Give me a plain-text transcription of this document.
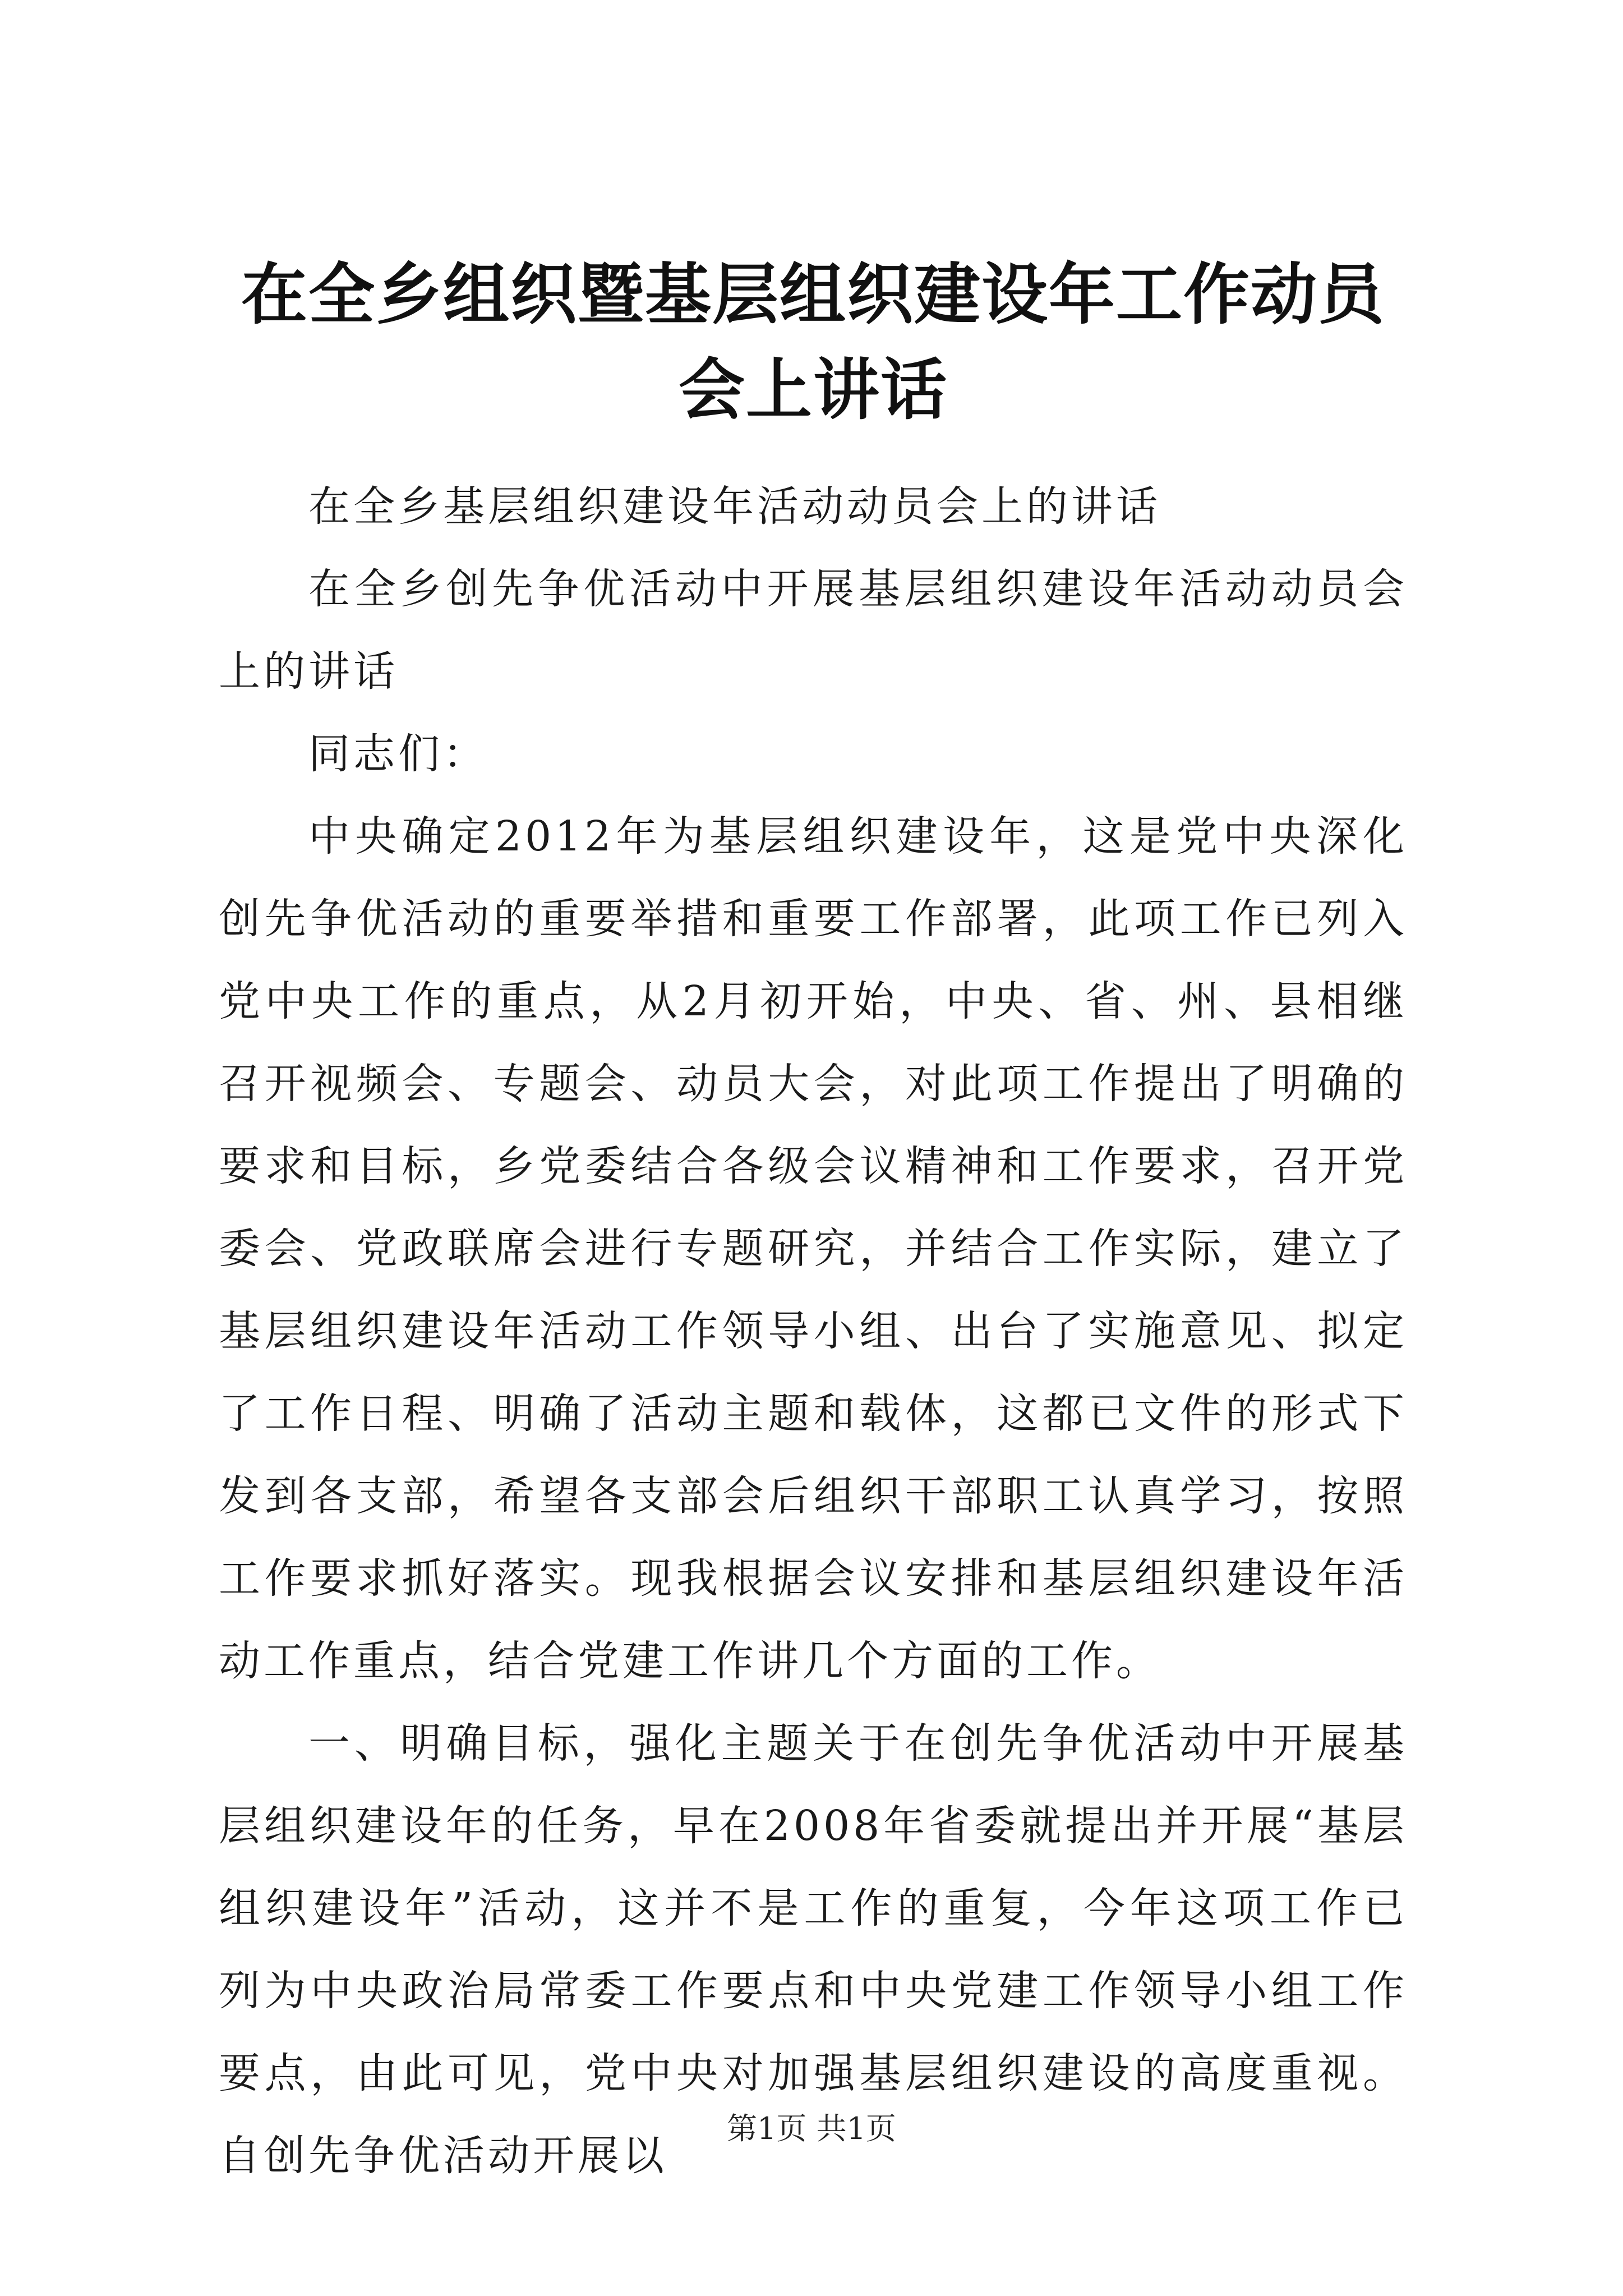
在全乡组织暨基层组织建设年工作动员会上讲话

在全乡基层组织建设年活动动员会上的讲话

在全乡创先争优活动中开展基层组织建设年活动动员会上的讲话

同志们：

中央确定2012年为基层组织建设年，这是党中央深化创先争优活动的重要举措和重要工作部署，此项工作已列入党中央工作的重点，从2月初开始，中央、省、州、县相继召开视频会、专题会、动员大会，对此项工作提出了明确的要求和目标，乡党委结合各级会议精神和工作要求，召开党委会、党政联席会进行专题研究，并结合工作实际，建立了基层组织建设年活动工作领导小组、出台了实施意见、拟定了工作日程、明确了活动主题和载体，这都已文件的形式下发到各支部，希望各支部会后组织干部职工认真学习，按照工作要求抓好落实。现我根据会议安排和基层组织建设年活动工作重点，结合党建工作讲几个方面的工作。

一、明确目标，强化主题关于在创先争优活动中开展基层组织建设年的任务，早在2008年省委就提出并开展“基层组织建设年”活动，这并不是工作的重复，今年这项工作已列为中央政治局常委工作要点和中央党建工作领导小组工作要点，由此可见，党中央对加强基层组织建设的高度重视。自创先争优活动开展以

第1页 共1页
